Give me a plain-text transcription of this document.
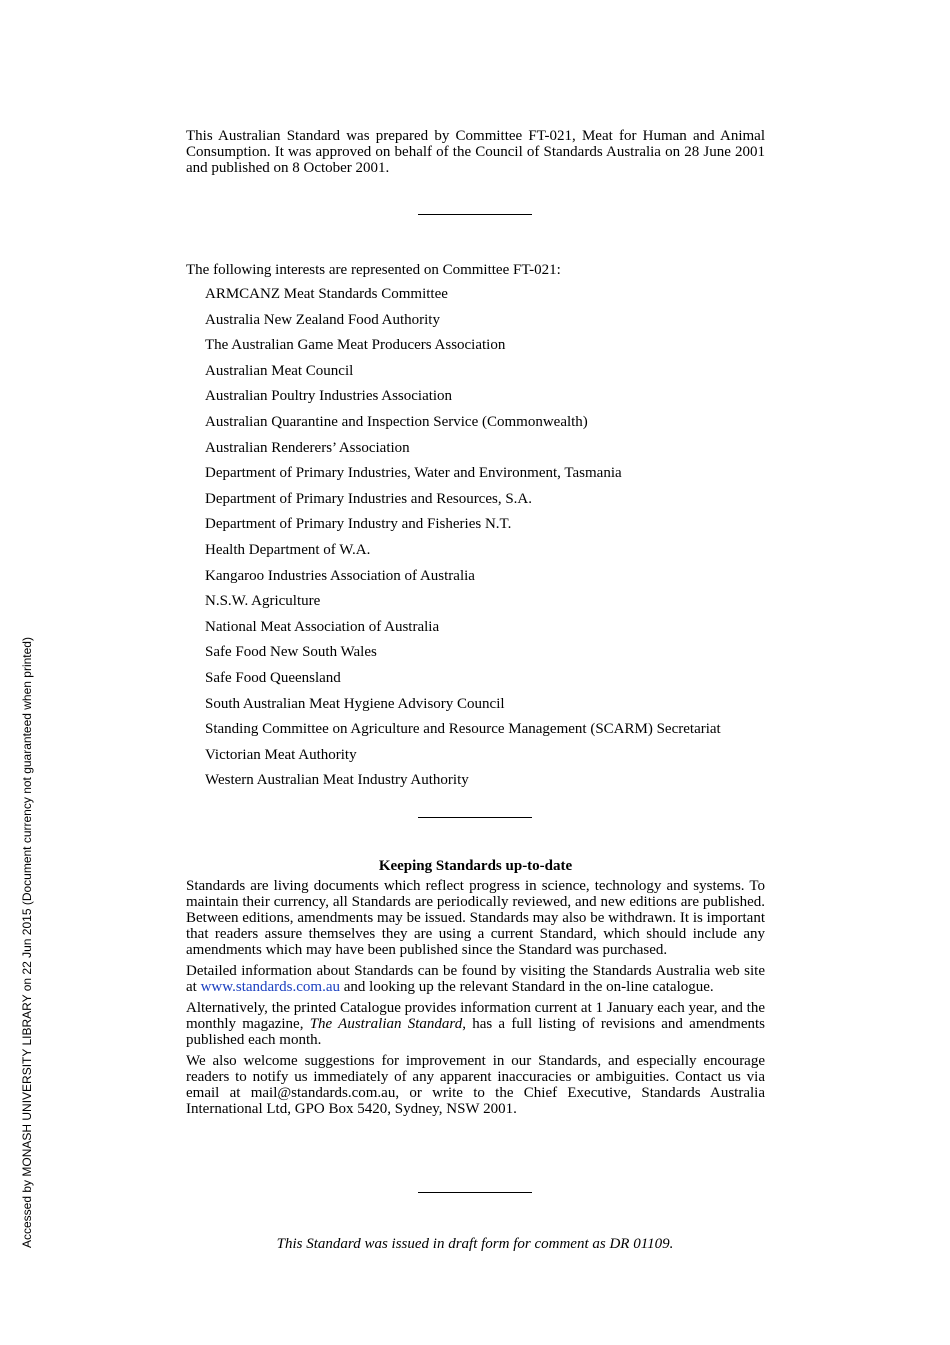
This Australian Standard was prepared by Committee FT-021, Meat for Human and Animal Consumption. It was approved on behalf of the Council of Standards Australia on 28 June 2001 and published on 8 October 2001.

The following interests are represented on Committee FT-021:

ARMCANZ Meat Standards Committee
Australia New Zealand Food Authority
The Australian Game Meat Producers Association
Australian Meat Council
Australian Poultry Industries Association
Australian Quarantine and Inspection Service (Commonwealth)
Australian Renderers’ Association
Department of Primary Industries, Water and Environment, Tasmania
Department of Primary Industries and Resources, S.A.
Department of Primary Industry and Fisheries N.T.
Health Department of W.A.
Kangaroo Industries Association of Australia
N.S.W. Agriculture
National Meat Association of Australia
Safe Food New South Wales
Safe Food Queensland
South Australian Meat Hygiene Advisory Council
Standing Committee on Agriculture and Resource Management (SCARM) Secretariat
Victorian Meat Authority
Western Australian Meat Industry Authority

Keeping Standards up-to-date

Standards are living documents which reflect progress in science, technology and systems. To maintain their currency, all Standards are periodically reviewed, and new editions are published. Between editions, amendments may be issued. Standards may also be withdrawn. It is important that readers assure themselves they are using a current Standard, which should include any amendments which may have been published since the Standard was purchased.

Detailed information about Standards can be found by visiting the Standards Australia web site at www.standards.com.au and looking up the relevant Standard in the on-line catalogue.

Alternatively, the printed Catalogue provides information current at 1 January each year, and the monthly magazine, The Australian Standard, has a full listing of revisions and amendments published each month.

We also welcome suggestions for improvement in our Standards, and especially encourage readers to notify us immediately of any apparent inaccuracies or ambiguities. Contact us via email at mail@standards.com.au, or write to the Chief Executive, Standards Australia International Ltd, GPO Box 5420, Sydney, NSW 2001.

This Standard was issued in draft form for comment as DR 01109.
Accessed by MONASH UNIVERSITY LIBRARY on 22 Jun 2015 (Document currency not guaranteed when printed)
